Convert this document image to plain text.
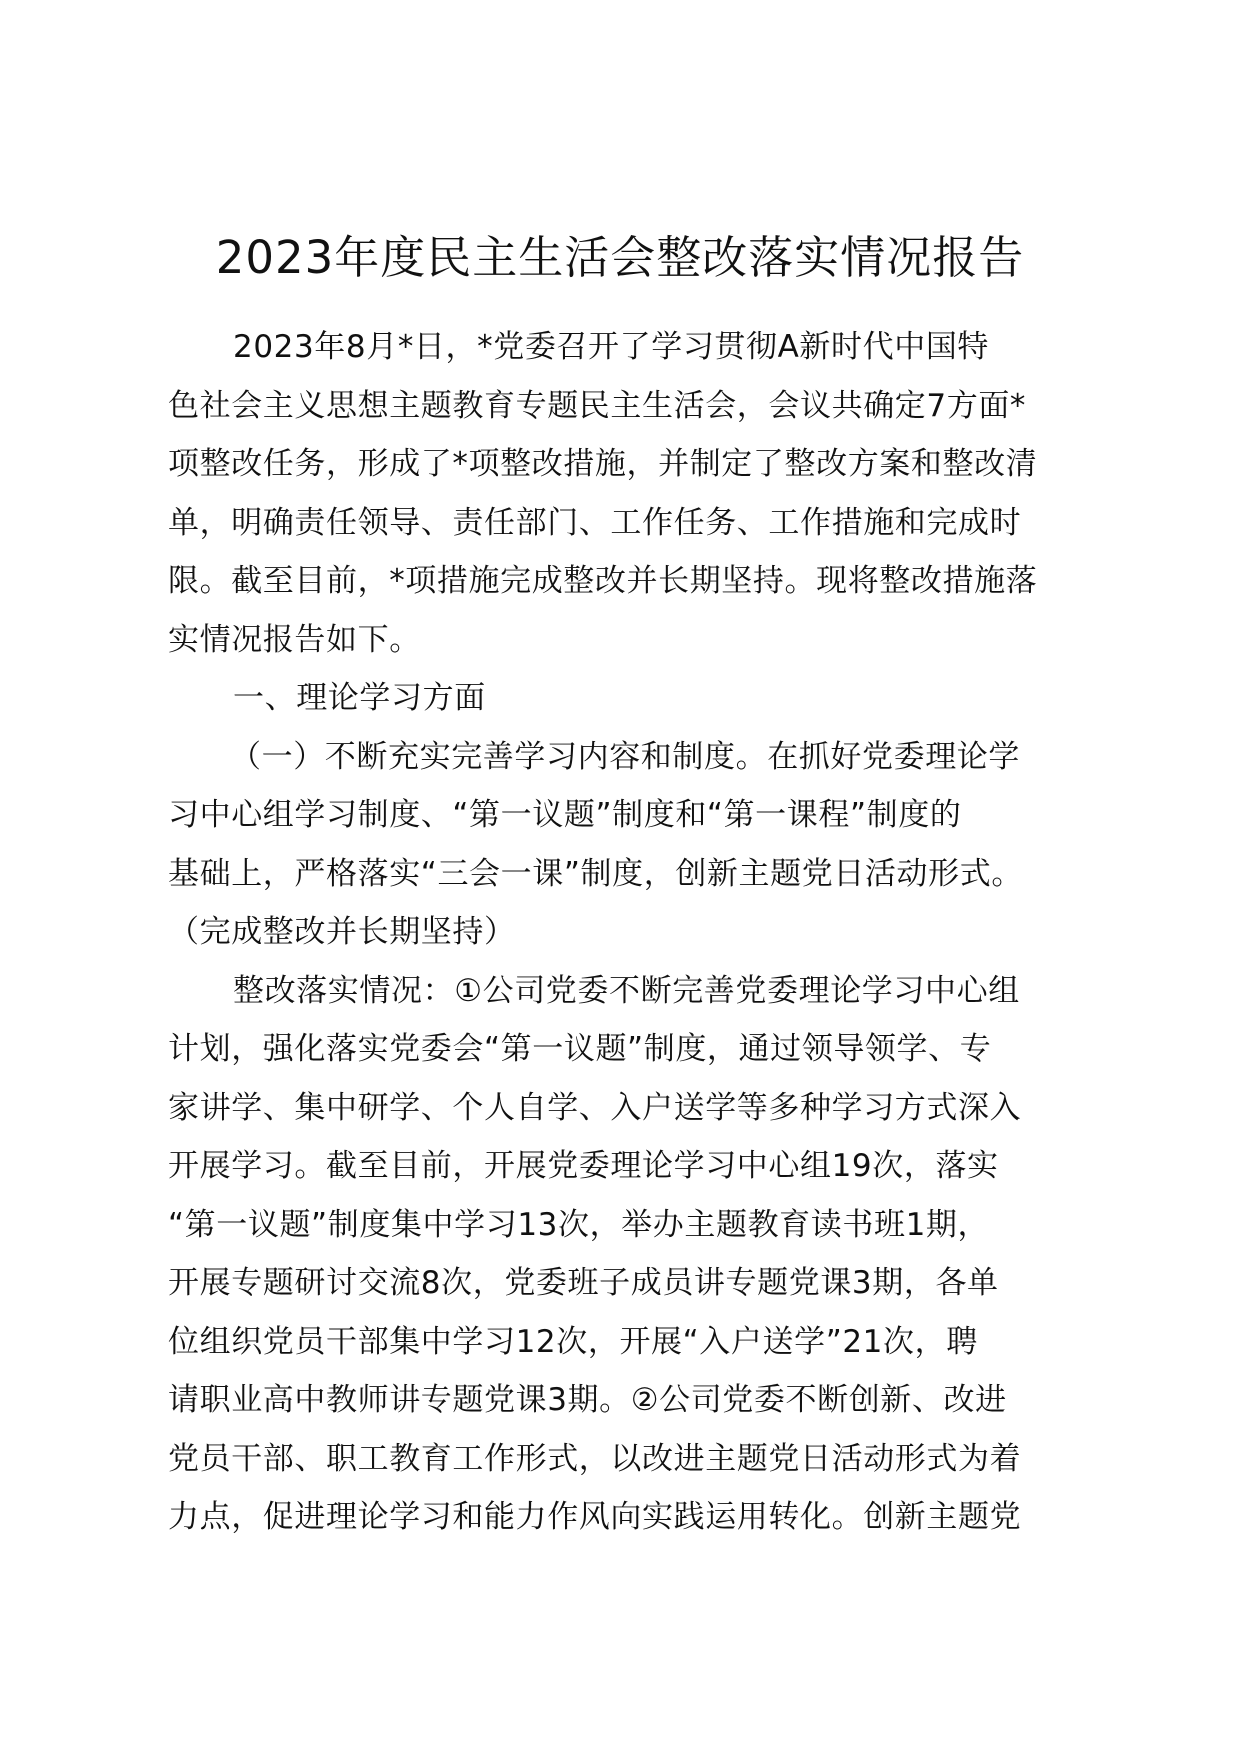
2023年度民主生活会整改落实情况报告
2023年8月*日，*党委召开了学习贯彻A新时代中国特
色社会主义思想主题教育专题民主生活会，会议共确定7方面*
项整改任务，形成了*项整改措施，并制定了整改方案和整改清
单，明确责任领导、责任部门、工作任务、工作措施和完成时
限。截至目前，*项措施完成整改并长期坚持。现将整改措施落
实情况报告如下。
一、理论学习方面
（一）不断充实完善学习内容和制度。在抓好党委理论学
习中心组学习制度、“第一议题”制度和“第一课程”制度的
基础上，严格落实“三会一课”制度，创新主题党日活动形式。
（完成整改并长期坚持）
整改落实情况：①公司党委不断完善党委理论学习中心组
计划，强化落实党委会“第一议题”制度，通过领导领学、专
家讲学、集中研学、个人自学、入户送学等多种学习方式深入
开展学习。截至目前，开展党委理论学习中心组19次，落实
“第一议题”制度集中学习13次，举办主题教育读书班1期，
开展专题研讨交流8次，党委班子成员讲专题党课3期，各单
位组织党员干部集中学习12次，开展“入户送学”21次，聘
请职业高中教师讲专题党课3期。②公司党委不断创新、改进
党员干部、职工教育工作形式，以改进主题党日活动形式为着
力点，促进理论学习和能力作风向实践运用转化。创新主题党
